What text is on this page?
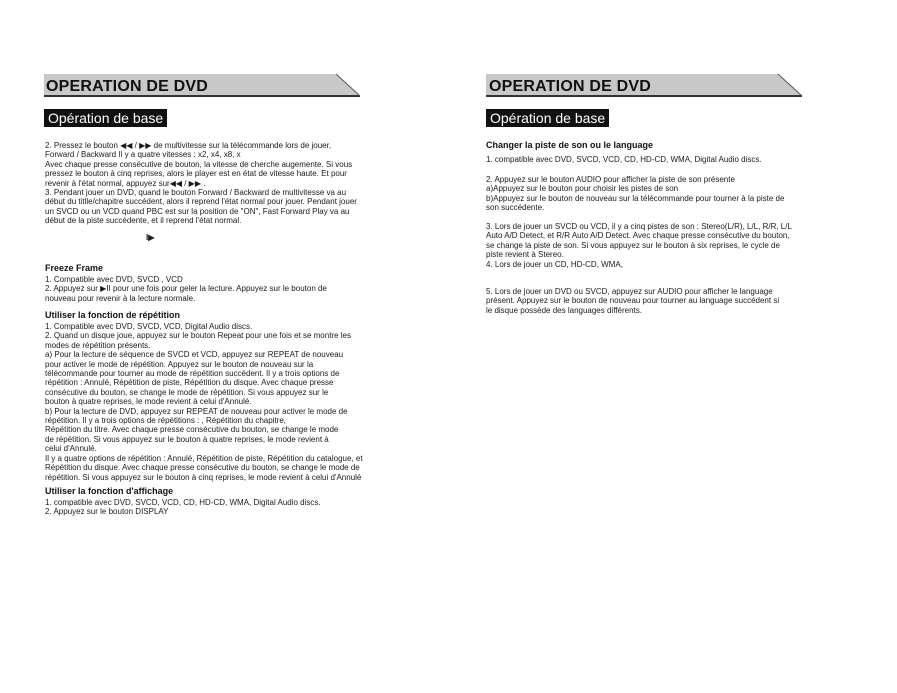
OPERATION DE DVD
Opération de base
2. Pressez le bouton ◀◀ / ▶▶ de multivitesse sur la télécommande lors de jouer,
Forward / Backward Il y a quatre vitesses : x2, x4, x8, x
Avec chaque presse consécutive de bouton, la vitesse de cherche augemente. Si vous
pressez le bouton à cinq reprises, alors le player est en état de vitesse haute. Et pour
revenir à l'état normal, appuyez sur◀◀ / ▶▶ .
3. Pendant jouer un DVD, quand le bouton Forward / Backward de multivitesse va au
début du titlle/chapitre succédent, alors il reprend l'état normal pour jouer. Pendant jouer
un SVCD ou un VCD quand PBC est sur la position de "ON", Fast Forward Play va au
début de la piste succédente, et il reprend l'état normal.
I▶
Freeze Frame
1. Compatible avec DVD, SVCD , VCD
2. Appuyez sur ▶II pour une fois pour geler la lecture. Appuyez sur le bouton de
nouveau pour revenir à la lecture normale.
Utiliser la fonction de répétition
1. Compatible avec DVD, SVCD, VCD, Digital Audio discs.
2. Quand un disque joue, appuyez sur le bouton Repeat pour une fois et se montre les
modes de répétition présents.
a) Pour la lecture de séquence de SVCD et VCD, appuyez sur REPEAT de nouveau
pour activer le mode de répétition. Appuyez sur le bouton de nouveau sur la
télécommande pour tourner au mode de répétition succédent. Il y a trois options de
répétition : Annulé, Répétition de piste, Répétition du disque. Avec chaque presse
consécutive du bouton, se change le mode de répétition. Si vous appuyez sur le
bouton à quatre reprises, le mode revient à celui d'Annulé.
b) Pour la lecture de DVD, appuyez sur REPEAT de nouveau pour activer le mode de
répétition. Il y a trois options de répétitions : , Répétition du chapitre,
Répétition du titre. Avec chaque presse consécutive du bouton, se change le mode
de répétition. Si vous appuyez sur le bouton à quatre reprises, le mode revient à
celui d'Annulé.
Il y a quatre options de répétition : Annulé, Répétition de piste, Répétition du catalogue, et
Répétition du disque. Avec chaque presse consécutive du bouton, se change le mode de
répétition. Si vous appuyez sur le bouton à cinq reprises, le mode revient à celui d'Annulé
Utiliser la fonction d'affichage
1. compatible avec DVD, SVCD, VCD, CD, HD-CD, WMA, Digital Audio discs.
2. Appuyez sur le bouton DISPLAY
OPERATION DE DVD
Opération de base
Changer la piste de son ou le language
1. compatible avec DVD, SVCD, VCD, CD, HD-CD, WMA, Digital Audio discs.
2. Appuyez sur le bouton AUDIO pour afficher la piste de son présente
a)Appuyez sur le bouton pour choisir les pistes de son
b)Appuyez sur le bouton de nouveau sur la télécommande pour tourner à la piste de
son succédente.
3. Lors de jouer un SVCD ou VCD, il y a cinq pistes de son : Stereo(L/R), L/L, R/R, L/L
Auto A/D Detect, et R/R Auto A/D Detect. Avec chaque presse consécutive du bouton,
se change la piste de son. Si vous appuyez sur le bouton à six reprises, le cycle de
piste revient à Stereo.
4. Lors de jouer un CD, HD-CD, WMA,
5. Lors de jouer un DVD ou SVCD, appuyez sur AUDIO pour afficher le language
présent. Appuyez sur le bouton de nouveau pour tourner au language succédent si
le disque possède des languages différents.
